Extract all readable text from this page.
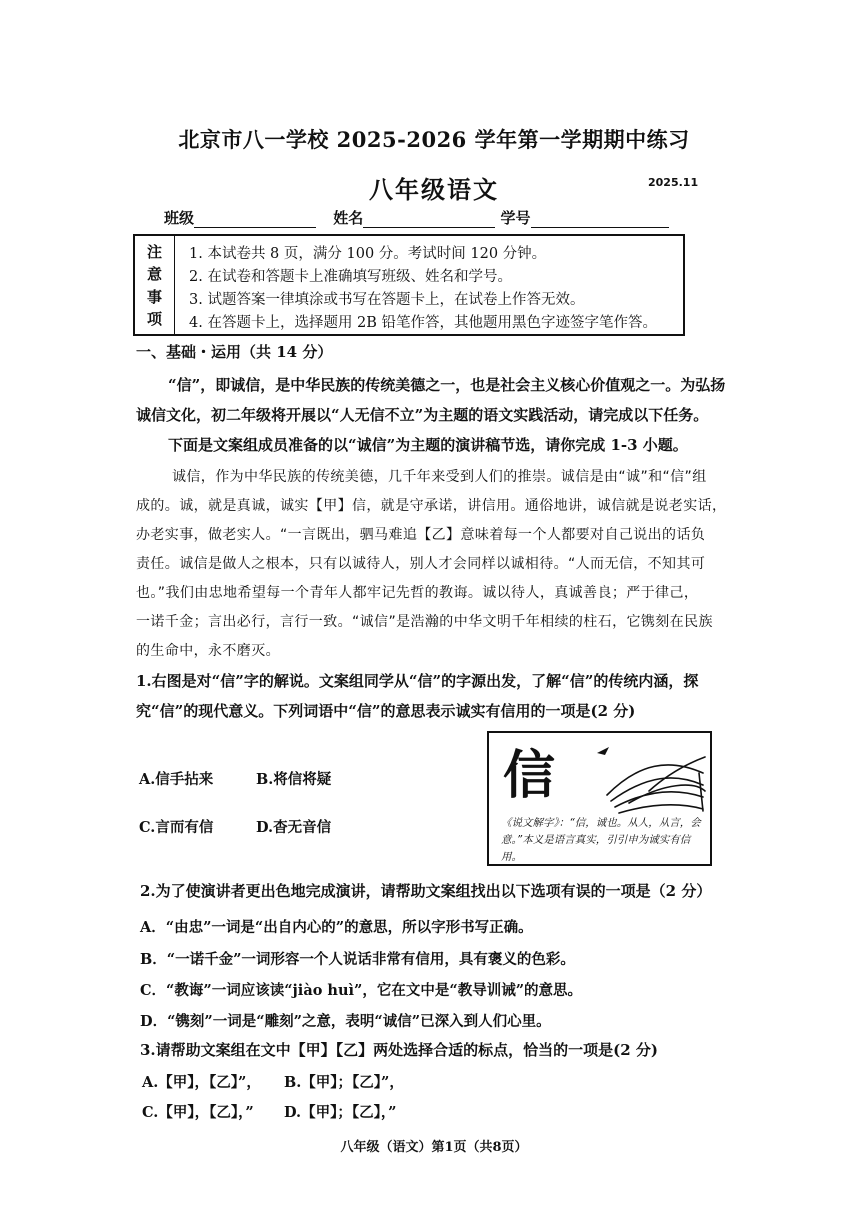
北京市八一学校 2025-2026 学年第一学期期中练习
八年级语文	2025.11
班级	姓名	学号
注
意
事
项
1. 本试卷共 8 页，满分 100 分。考试时间 120 分钟。
2. 在试卷和答题卡上准确填写班级、姓名和学号。
3. 试题答案一律填涂或书写在答题卡上，在试卷上作答无效。
4. 在答题卡上，选择题用 2B 铅笔作答，其他题用黑色字迹签字笔作答。
一、基础・运用（共 14 分）
“信”，即诚信，是中华民族的传统美德之一，也是社会主义核心价值观之一。为弘扬
诚信文化，初二年级将开展以“人无信不立”为主题的语文实践活动，请完成以下任务。
下面是文案组成员准备的以“诚信”为主题的演讲稿节选，请你完成 1-3 小题。
诚信，作为中华民族的传统美德，几千年来受到人们的推崇。诚信是由“诚”和“信”组
成的。诚，就是真诚，诚实【甲】信，就是守承诺，讲信用。通俗地讲，诚信就是说老实话，
办老实事，做老实人。“一言既出，驷马难追【乙】意味着每一个人都要对自己说出的话负
责任。诚信是做人之根本，只有以诚待人，别人才会同样以诚相待。“人而无信，不知其可
也。”我们由忠地希望每一个青年人都牢记先哲的教诲。诚以待人，真诚善良；严于律己，
一诺千金；言出必行，言行一致。“诚信”是浩瀚的中华文明千年相续的柱石，它镌刻在民族
的生命中，永不磨灭。
1.右图是对“信”字的解说。文案组同学从“信”的字源出发，了解“信”的传统内涵，探
究“信”的现代意义。下列词语中“信”的意思表示诚实有信用的一项是(2 分)
A.信手拈来	B.将信将疑
C.言而有信	D.杳无音信
信
《说文解字》：“信，诚也。从人，从言，会意。”本义是语言真实，引引申为诚实有信用。
2.为了使演讲者更出色地完成演讲，请帮助文案组找出以下选项有误的一项是（2 分）
A．“由忠”一词是“出自内心的”的意思，所以字形书写正确。
B．“一诺千金”一词形容一个人说话非常有信用，具有褒义的色彩。
C．“教诲”一词应该读“jiào huì”，它在文中是“教导训诫”的意思。
D．“镌刻”一词是“雕刻”之意，表明“诚信”已深入到人们心里。
3.请帮助文案组在文中【甲】【乙】两处选择合适的标点，恰当的一项是(2 分)
A.【甲】，【乙】”， B.【甲】；【乙】”，
C.【甲】，【乙】，” D.【甲】；【乙】，”
八年级（语文）第1页（共8页）
